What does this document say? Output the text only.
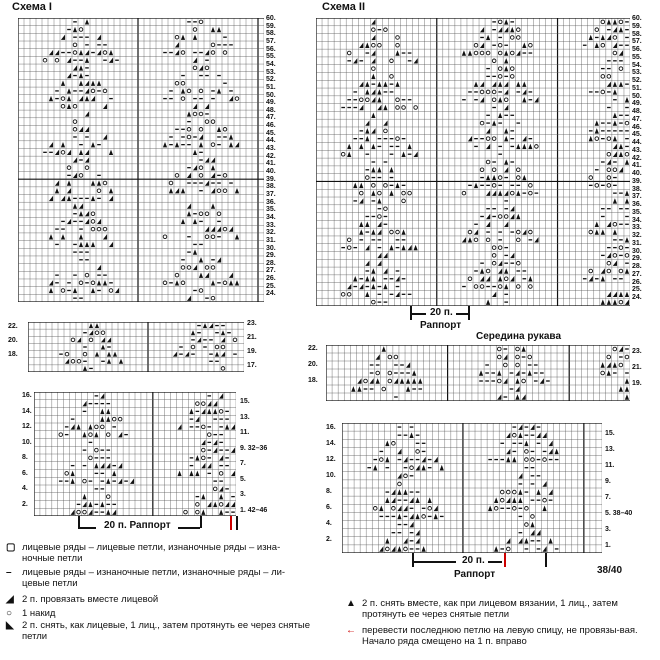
Схема I	Схема II
60.
59.
58.
57.
56.
55.
54.
53.
52.
51.
50.
49.
48.
47.
46.
45.
44.
43.
42.
41.
40.
39.
38.
37.
36.
35.
34.
33.
32.
31.
30.
29.
28.
27.
26.
25.
24.
22.
20.
18.
23.
21.
19.
17.
16.
14.
12.
10.
8.
6.
4.
2.
15.
13.
11.
9. 32–36
7.
5.
3.
1. 42–46
60.
59.
58.
57.
56.
55.
54.
53.
52.
51.
50.
49.
48.
47.
46.
45.
44.
43.
42.
41.
40.
39.
38.
37.
36.
35.
34.
33.
32.
31.
30.
29.
28.
27.
26.
25.
24.
22.
20.
18.
23.
21.
19.
16.
14.
12.
10.
8.
6.
4.
2.
15.
13.
11.
9.
7.
5. 38–40
3.
1.
20 п. Раппорт
20 п.
Раппорт
Середина рукава
20 п.
Раппорт	38/40
▢ лицевые ряды – лицевые петли, изнаночные ряды – изна-ночные петли
– лицевые ряды – изнаночные петли, изнаночные ряды – ли-цевые петли
◢ 2 п. провязать вместе лицевой
○ 1 накид
◣ 2 п. снять, как лицевые, 1 лиц., затем протянуть ее через снятые петли
▲ 2 п. снять вместе, как при лицевом вязании, 1 лиц., затем протянуть ее через снятые петли
← перевести последнюю петлю на левую спицу, не провязы-вая. Начало ряда смещено на 1 п. вправо
